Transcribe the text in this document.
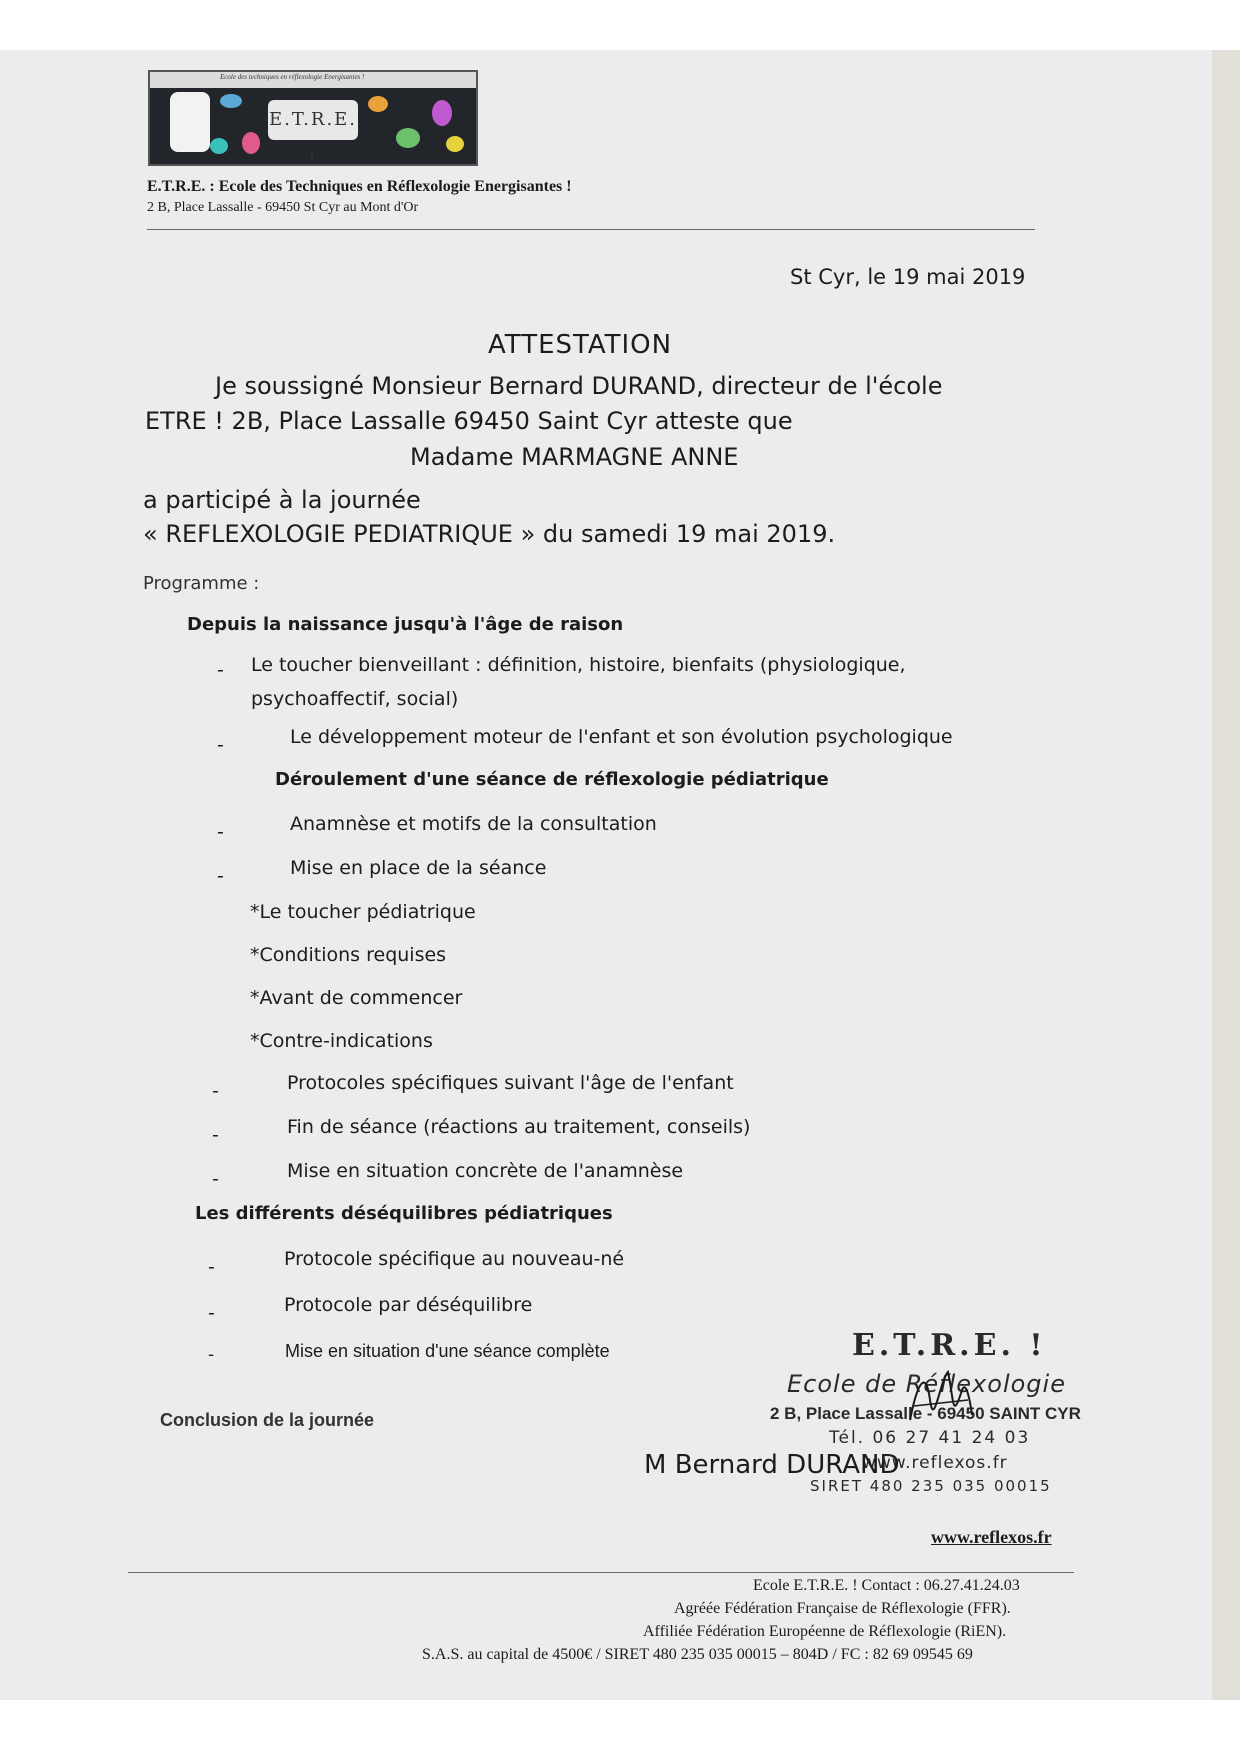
Ecole des techniques en réflexologie Energisantes !
E.T.R.E. !
E.T.R.E. : Ecole des Techniques en Réflexologie Energisantes !
2 B, Place Lassalle - 69450 St Cyr au Mont d'Or
St Cyr, le 19 mai 2019
ATTESTATION
Je soussigné Monsieur Bernard DURAND, directeur de l'école
ETRE ! 2B, Place Lassalle 69450 Saint Cyr atteste que
Madame MARMAGNE ANNE
a participé à la journée
« REFLEXOLOGIE PEDIATRIQUE » du samedi 19 mai 2019.
Programme :
Depuis la naissance jusqu'à l'âge de raison
- Le toucher bienveillant : définition, histoire, bienfaits (physiologique,
psychoaffectif, social)
-	Le développement moteur de l'enfant et son évolution psychologique
Déroulement d'une séance de réflexologie pédiatrique
-	Anamnèse et motifs de la consultation
-	Mise en place de la séance
*Le toucher pédiatrique
*Conditions requises
*Avant de commencer
*Contre-indications
-	Protocoles spécifiques suivant l'âge de l'enfant
-	Fin de séance (réactions au traitement, conseils)
-	Mise en situation concrète de l'anamnèse
Les différents déséquilibres pédiatriques
-	Protocole spécifique au nouveau-né
-	Protocole par déséquilibre
-	Mise en situation d'une séance complète
Conclusion de la journée
E.T.R.E. !
Ecole de Réflexologie
2 B, Place Lassalle - 69450 SAINT CYR
Tél. 06 27 41 24 03
www.reflexos.fr
SIRET 480 235 035 00015
M Bernard DURAND
www.reflexos.fr
Ecole E.T.R.E. ! Contact : 06.27.41.24.03
Agréée Fédération Française de Réflexologie (FFR).
Affiliée Fédération Européenne de Réflexologie (RiEN).
S.A.S. au capital de 4500€ / SIRET 480 235 035 00015 – 804D / FC : 82 69 09545 69
